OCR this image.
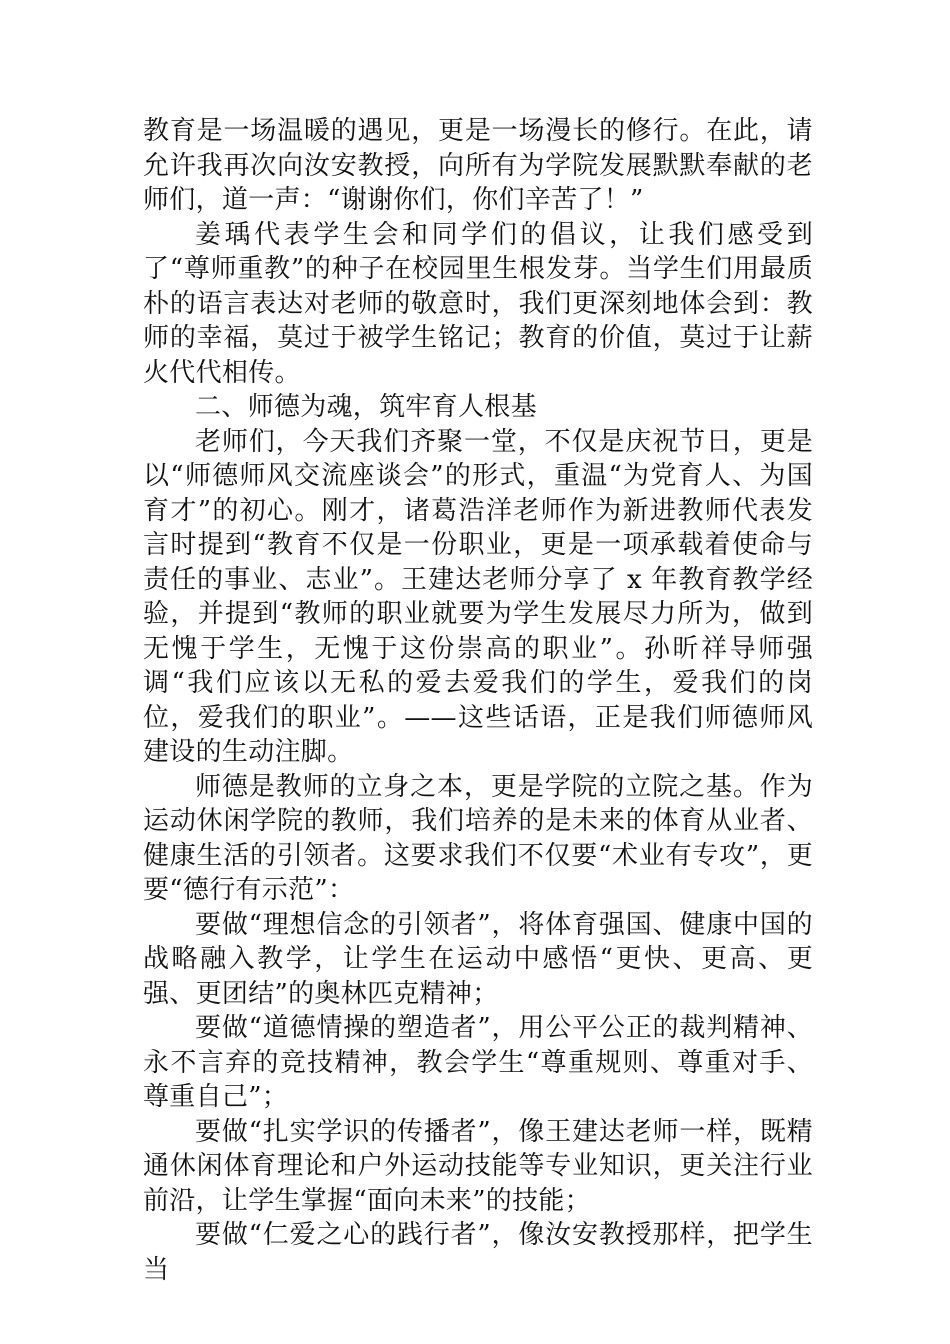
教育是一场温暖的遇见，更是一场漫长的修行。在此，请允许我再次向汝安教授，向所有为学院发展默默奉献的老师们，道一声：“谢谢你们，你们辛苦了！”

姜瑀代表学生会和同学们的倡议，让我们感受到了“尊师重教”的种子在校园里生根发芽。当学生们用最质朴的语言表达对老师的敬意时，我们更深刻地体会到：教师的幸福，莫过于被学生铭记；教育的价值，莫过于让薪火代代相传。

二、师德为魂，筑牢育人根基

老师们，今天我们齐聚一堂，不仅是庆祝节日，更是以“师德师风交流座谈会”的形式，重温“为党育人、为国育才”的初心。刚才，诸葛浩洋老师作为新进教师代表发言时提到“教育不仅是一份职业，更是一项承载着使命与责任的事业、志业”。王建达老师分享了 x 年教育教学经验，并提到“教师的职业就要为学生发展尽力所为，做到无愧于学生，无愧于这份崇高的职业”。孙昕祥导师强调“我们应该以无私的爱去爱我们的学生，爱我们的岗位，爱我们的职业”。——这些话语，正是我们师德师风建设的生动注脚。

师德是教师的立身之本，更是学院的立院之基。作为运动休闲学院的教师，我们培养的是未来的体育从业者、健康生活的引领者。这要求我们不仅要“术业有专攻”，更要“德行有示范”：

要做“理想信念的引领者”，将体育强国、健康中国的战略融入教学，让学生在运动中感悟“更快、更高、更强、更团结”的奥林匹克精神；

要做“道德情操的塑造者”，用公平公正的裁判精神、永不言弃的竞技精神，教会学生“尊重规则、尊重对手、尊重自己”；

要做“扎实学识的传播者”，像王建达老师一样，既精通休闲体育理论和户外运动技能等专业知识，更关注行业前沿，让学生掌握“面向未来”的技能；

要做“仁爱之心的践行者”，像汝安教授那样，把学生当
